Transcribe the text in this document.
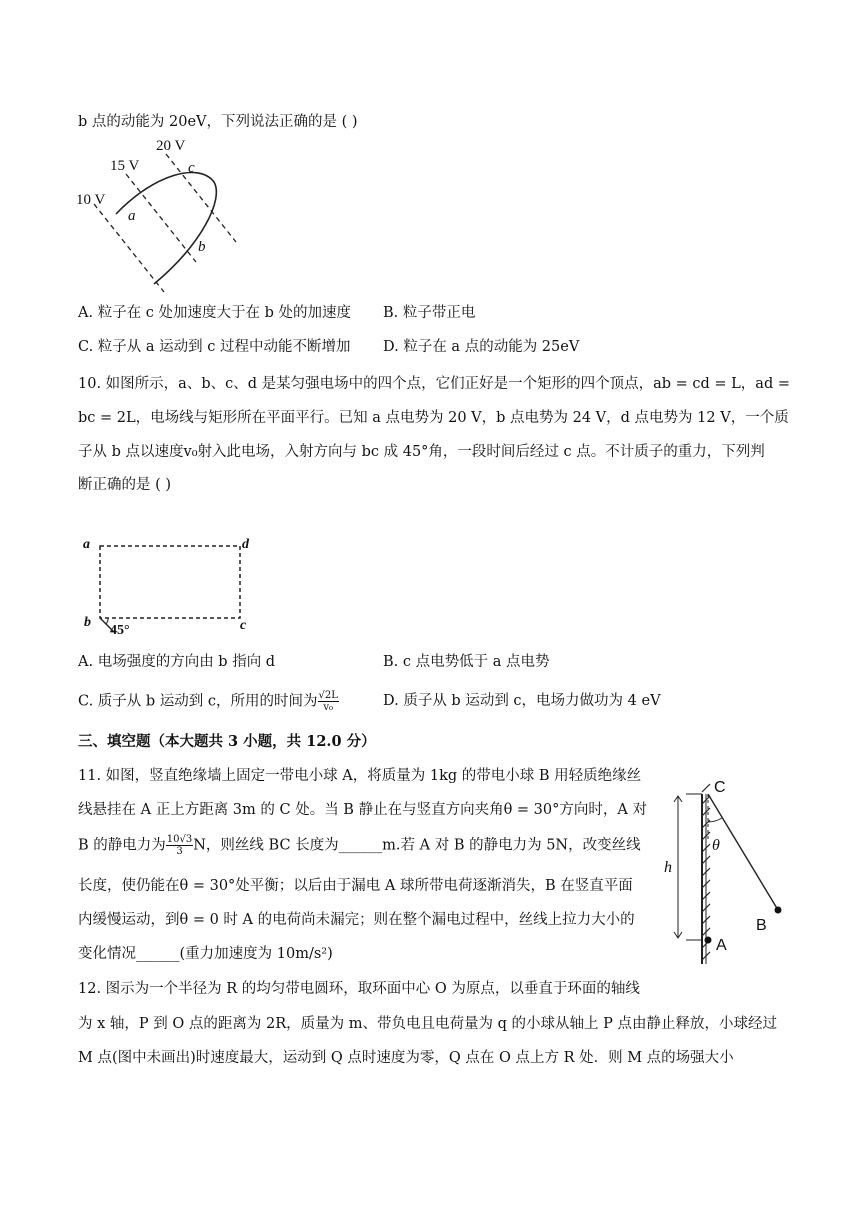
b 点的动能为 20eV，下列说法正确的是 ( )
20 V
15 V
10 V
a
b
c
A. 粒子在 c 处加速度大于在 b 处的加速度 B. 粒子带正电
C. 粒子从 a 运动到 c 过程中动能不断增加 D. 粒子在 a 点的动能为 25eV
10. 如图所示，a、b、c、d 是某匀强电场中的四个点，它们正好是一个矩形的四个顶点，ab = cd = L，ad =
bc = 2L，电场线与矩形所在平面平行。已知 a 点电势为 20 V，b 点电势为 24 V，d 点电势为 12 V，一个质
子从 b 点以速度v₀射入此电场，入射方向与 bc 成 45°角，一段时间后经过 c 点。不计质子的重力，下列判
断正确的是 ( )
a	d
b	c
45°
A. 电场强度的方向由 b 指向 d	B. c 点电势低于 a 点电势
C. 质子从 b 运动到 c，所用的时间为 $\frac{√2L}{\text{v₀}}$	D. 质子从 b 运动到 c，电场力做功为 4 eV
三、填空题（本大题共 3 小题，共 12.0 分）
11. 如图，竖直绝缘墙上固定一带电小球 A，将质量为 1kg 的带电小球 B 用轻质绝缘丝
线悬挂在 A 正上方距离 3m 的 C 处。当 B 静止在与竖直方向夹角θ = 30°方向时，A 对
B 的静电力为 $\frac{10√3}{3}$ N，则丝线 BC 长度为______m.若 A 对 B 的静电力为 5N，改变丝线
长度，使仍能在θ = 30°处平衡；以后由于漏电 A 球所带电荷逐渐消失，B 在竖直平面
内缓慢运动，到θ = 0 时 A 的电荷尚未漏完；则在整个漏电过程中，丝线上拉力大小的
变化情况______(重力加速度为 10m/s²)
C
θ
h
B
A
12. 图示为一个半径为 R 的均匀带电圆环，取环面中心 O 为原点，以垂直于环面的轴线
为 x 轴，P 到 O 点的距离为 2R，质量为 m、带负电且电荷量为 q 的小球从轴上 P 点由静止释放，小球经过
M 点(图中未画出)时速度最大，运动到 Q 点时速度为零，Q 点在 O 点上方 R 处．则 M 点的场强大小
